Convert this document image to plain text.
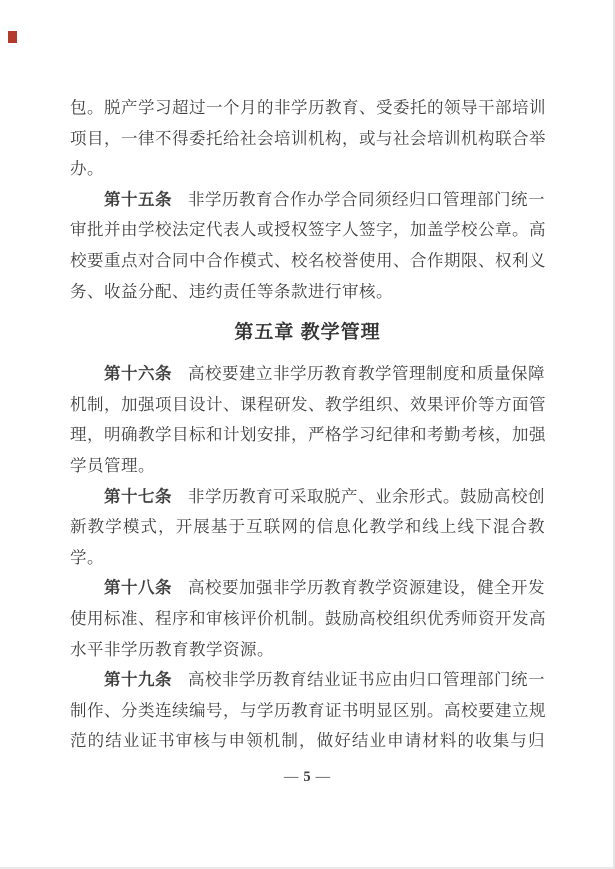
包。脱产学习超过一个月的非学历教育、受委托的领导干部培训
项目，一律不得委托给社会培训机构，或与社会培训机构联合举
办。
第十五条 非学历教育合作办学合同须经归口管理部门统一
审批并由学校法定代表人或授权签字人签字，加盖学校公章。高
校要重点对合同中合作模式、校名校誉使用、合作期限、权利义
务、收益分配、违约责任等条款进行审核。
第五章 教学管理
第十六条 高校要建立非学历教育教学管理制度和质量保障
机制，加强项目设计、课程研发、教学组织、效果评价等方面管
理，明确教学目标和计划安排，严格学习纪律和考勤考核，加强
学员管理。
第十七条 非学历教育可采取脱产、业余形式。鼓励高校创
新教学模式，开展基于互联网的信息化教学和线上线下混合教
学。
第十八条 高校要加强非学历教育教学资源建设，健全开发
使用标准、程序和审核评价机制。鼓励高校组织优秀师资开发高
水平非学历教育教学资源。
第十九条 高校非学历教育结业证书应由归口管理部门统一
制作、分类连续编号，与学历教育证书明显区别。高校要建立规
范的结业证书审核与申领机制，做好结业申请材料的收集与归
— 5 —
